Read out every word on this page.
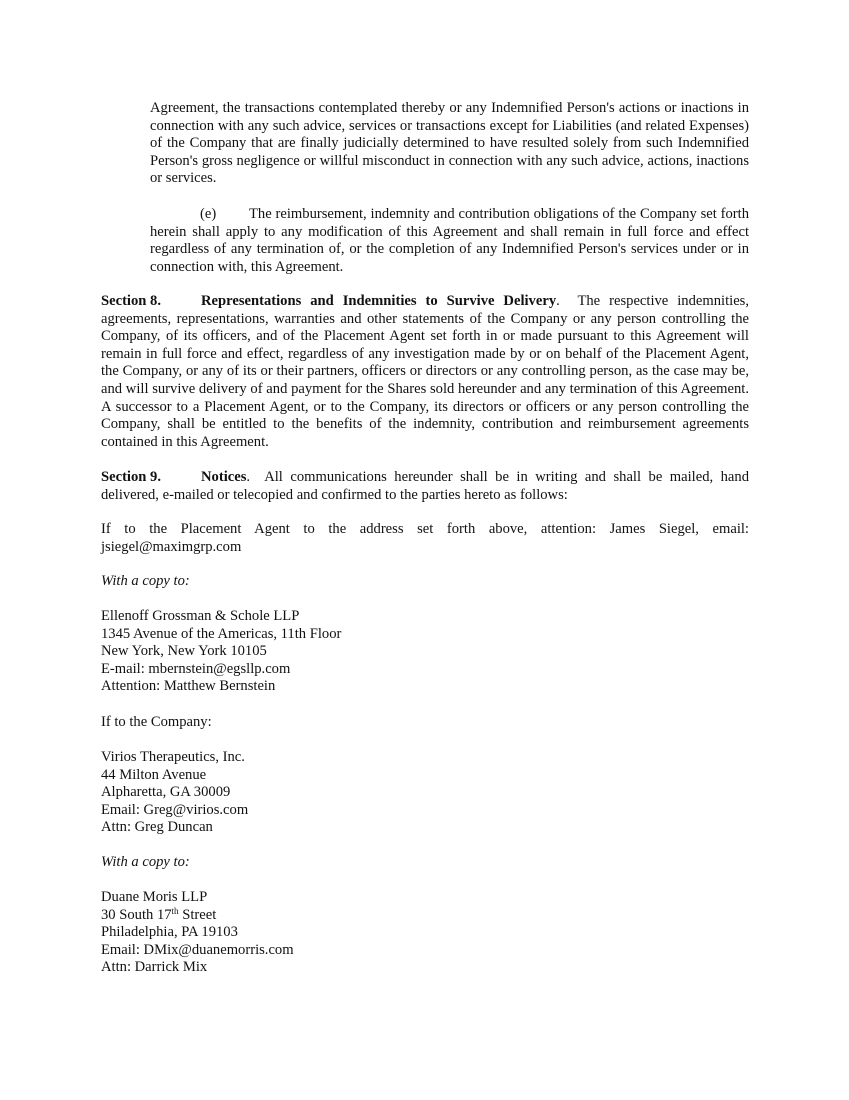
Agreement, the transactions contemplated thereby or any Indemnified Person's actions or inactions in connection with any such advice, services or transactions except for Liabilities (and related Expenses) of the Company that are finally judicially determined to have resulted solely from such Indemnified Person's gross negligence or willful misconduct in connection with any such advice, actions, inactions or services.

(e) The reimbursement, indemnity and contribution obligations of the Company set forth herein shall apply to any modification of this Agreement and shall remain in full force and effect regardless of any termination of, or the completion of any Indemnified Person's services under or in connection with, this Agreement.

Section 8.	Representations and Indemnities to Survive Delivery.  The respective indemnities, agreements, representations, warranties and other statements of the Company or any person controlling the Company, of its officers, and of the Placement Agent set forth in or made pursuant to this Agreement will remain in full force and effect, regardless of any investigation made by or on behalf of the Placement Agent, the Company, or any of its or their partners, officers or directors or any controlling person, as the case may be, and will survive delivery of and payment for the Shares sold hereunder and any termination of this Agreement.  A successor to a Placement Agent, or to the Company, its directors or officers or any person controlling the Company, shall be entitled to the benefits of the indemnity, contribution and reimbursement agreements contained in this Agreement.

Section 9.	Notices.  All communications hereunder shall be in writing and shall be mailed, hand delivered, e-mailed or telecopied and confirmed to the parties hereto as follows:

If to the Placement Agent to the address set forth above, attention: James Siegel, email: jsiegel@maximgrp.com

With a copy to:
Ellenoff Grossman & Schole LLP
1345 Avenue of the Americas, 11th Floor
New York, New York 10105
E-mail: mbernstein@egsllp.com
Attention: Matthew Bernstein
If to the Company:
Virios Therapeutics, Inc.
44 Milton Avenue
Alpharetta, GA 30009
Email: Greg@virios.com
Attn: Greg Duncan
With a copy to:
Duane Moris LLP
30 South 17th Street
Philadelphia, PA 19103
Email: DMix@duanemorris.com
Attn: Darrick Mix
